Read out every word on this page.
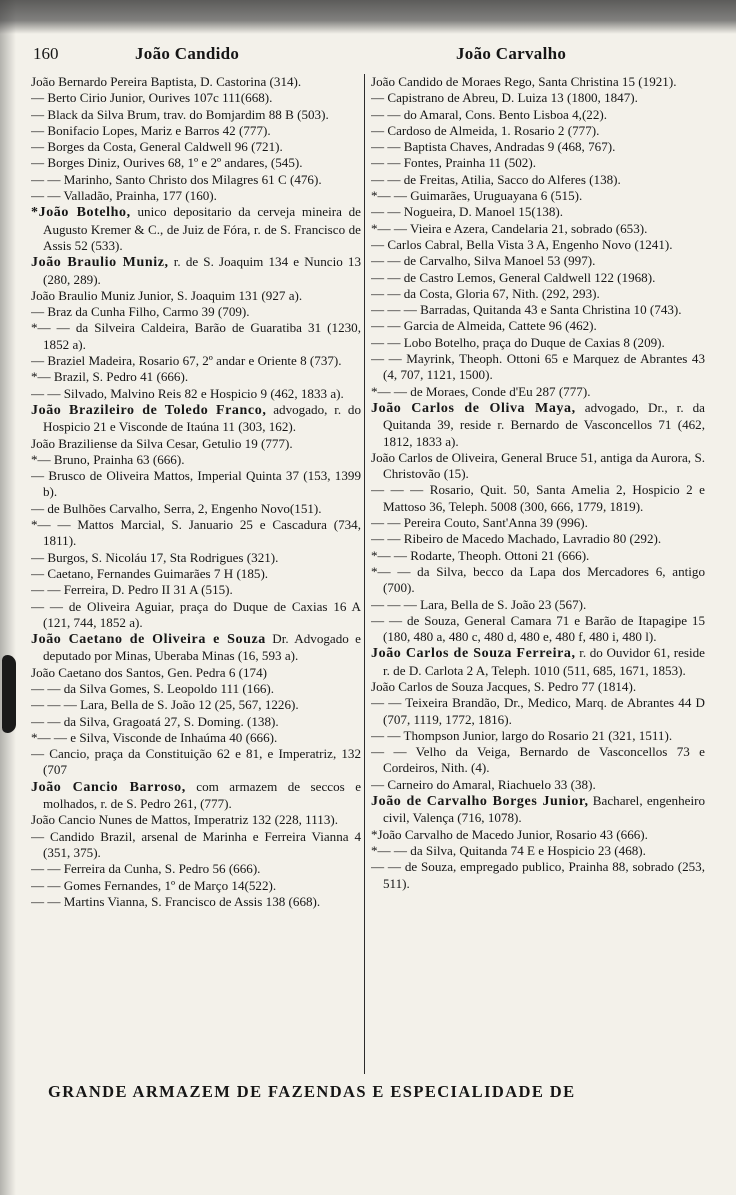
160	João Candido	João Carvalho
João Bernardo Pereira Baptista, D. Castorina (314).
— Berto Cirio Junior, Ourives 107c 111(668).
— Black da Silva Brum, trav. do Bomjardim 88 B (503).
— Bonifacio Lopes, Mariz e Barros 42 (777).
— Borges da Costa, General Caldwell 96 (721).
— Borges Diniz, Ourives 68, 1º e 2º andares, (545).
— — Marinho, Santo Christo dos Milagres 61 C (476).
— — Valladão, Prainha, 177 (160).
*João Botelho, unico depositario da cerveja mineira de Augusto Kremer & C., de Juiz de Fóra, r. de S. Francisco de Assis 52 (533).
João Braulio Muniz, r. de S. Joaquim 134 e Nuncio 13 (280, 289).
João Braulio Muniz Junior, S. Joaquim 131 (927 a).
— Braz da Cunha Filho, Carmo 39 (709).
*— — da Silveira Caldeira, Barão de Guaratiba 31 (1230, 1852 a).
— Braziel Madeira, Rosario 67, 2º andar e Oriente 8 (737).
*— Brazil, S. Pedro 41 (666).
— — Silvado, Malvino Reis 82 e Hospicio 9 (462, 1833 a).
João Brazileiro de Toledo Franco, advogado, r. do Hospicio 21 e Visconde de Itaúna 11 (303, 162).
João Braziliense da Silva Cesar, Getulio 19 (777).
*— Bruno, Prainha 63 (666).
— Brusco de Oliveira Mattos, Imperial Quinta 37 (153, 1399 b).
— de Bulhões Carvalho, Serra, 2, Engenho Novo(151).
*— — Mattos Marcial, S. Januario 25 e Cascadura (734, 1811).
— Burgos, S. Nicoláu 17, Sta Rodrigues (321).
— Caetano, Fernandes Guimarães 7 H (185).
— — Ferreira, D. Pedro II 31 A (515).
— — de Oliveira Aguiar, praça do Duque de Caxias 16 A (121, 744, 1852 a).
João Caetano de Oliveira e Souza Dr. Advogado e deputado por Minas, Uberaba Minas (16, 593 a).
João Caetano dos Santos, Gen. Pedra 6 (174)
— — da Silva Gomes, S. Leopoldo 111 (166).
— — — Lara, Bella de S. João 12 (25, 567, 1226).
— — da Silva, Gragoatá 27, S. Doming. (138).
*— — e Silva, Visconde de Inhaúma 40 (666).
— Cancio, praça da Constituição 62 e 81, e Imperatriz, 132 (707
João Cancio Barroso, com armazem de seccos e molhados, r. de S. Pedro 261, (777).
João Cancio Nunes de Mattos, Imperatriz 132 (228, 1113).
— Candido Brazil, arsenal de Marinha e Ferreira Vianna 4 (351, 375).
— — Ferreira da Cunha, S. Pedro 56 (666).
— — Gomes Fernandes, 1º de Março 14(522).
— — Martins Vianna, S. Francisco de Assis 138 (668).
João Candido de Moraes Rego, Santa Christina 15 (1921).
— Capistrano de Abreu, D. Luiza 13 (1800, 1847).
— — do Amaral, Cons. Bento Lisboa 4,(22).
— Cardoso de Almeida, 1. Rosario 2 (777).
— — Baptista Chaves, Andradas 9 (468, 767).
— — Fontes, Prainha 11 (502).
— — de Freitas, Atilia, Sacco do Alferes (138).
*— — Guimarães, Uruguayana 6 (515).
— — Nogueira, D. Manoel 15(138).
*— — Vieira e Azera, Candelaria 21, sobrado (653).
— Carlos Cabral, Bella Vista 3 A, Engenho Novo (1241).
— — de Carvalho, Silva Manoel 53 (997).
— — de Castro Lemos, General Caldwell 122 (1968).
— — da Costa, Gloria 67, Nith. (292, 293).
— — — Barradas, Quitanda 43 e Santa Christina 10 (743).
— — Garcia de Almeida, Cattete 96 (462).
— — Lobo Botelho, praça do Duque de Caxias 8 (209).
— — Mayrink, Theoph. Ottoni 65 e Marquez de Abrantes 43 (4, 707, 1121, 1500).
*— — de Moraes, Conde d'Eu 287 (777).
João Carlos de Oliva Maya, advogado, Dr., r. da Quitanda 39, reside r. Bernardo de Vasconcellos 71 (462, 1812, 1833 a).
João Carlos de Oliveira, General Bruce 51, antiga da Aurora, S. Christovão (15).
— — — Rosario, Quit. 50, Santa Amelia 2, Hospicio 2 e Mattoso 36, Teleph. 5008 (300, 666, 1779, 1819).
— — Pereira Couto, Sant'Anna 39 (996).
— — Ribeiro de Macedo Machado, Lavradio 80 (292).
*— — Rodarte, Theoph. Ottoni 21 (666).
*— — da Silva, becco da Lapa dos Mercadores 6, antigo (700).
— — — Lara, Bella de S. João 23 (567).
— — de Souza, General Camara 71 e Barão de Itapagipe 15 (180, 480 a, 480 c, 480 d, 480 e, 480 f, 480 i, 480 l).
João Carlos de Souza Ferreira, r. do Ouvidor 61, reside r. de D. Carlota 2 A, Teleph. 1010 (511, 685, 1671, 1853).
João Carlos de Souza Jacques, S. Pedro 77 (1814).
— — Teixeira Brandão, Dr., Medico, Marq. de Abrantes 44 D (707, 1119, 1772, 1816).
— — Thompson Junior, largo do Rosario 21 (321, 1511).
— — Velho da Veiga, Bernardo de Vasconcellos 73 e Cordeiros, Nith. (4).
— Carneiro do Amaral, Riachuelo 33 (38).
João de Carvalho Borges Junior, Bacharel, engenheiro civil, Valença (716, 1078).
*João Carvalho de Macedo Junior, Rosario 43 (666).
*— — da Silva, Quitanda 74 E e Hospicio 23 (468).
— — de Souza, empregado publico, Prainha 88, sobrado (253, 511).
GRANDE ARMAZEM DE FAZENDAS E ESPECIALIDADE DE
